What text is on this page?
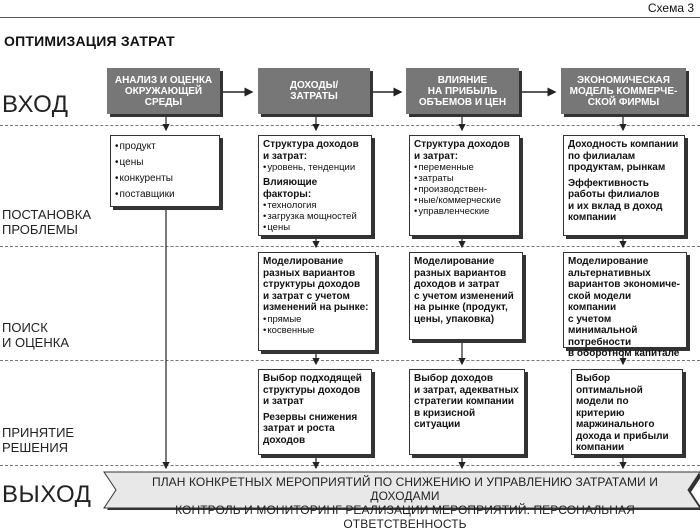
Схема 3
ОПТИМИЗАЦИЯ ЗАТРАТ
ВХОД
ПОСТАНОВКА
ПРОБЛЕМЫ
ПОИСК
И ОЦЕНКА
ПРИНЯТИЕ
РЕШЕНИЯ
ВЫХОД
АНАЛИЗ И ОЦЕНКА
ОКРУЖАЮЩЕЙ
СРЕДЫ
ДОХОДЫ/
ЗАТРАТЫ
ВЛИЯНИЕ
НА ПРИБЫЛЬ
ОБЪЕМОВ И ЦЕН
ЭКОНОМИЧЕСКАЯ
МОДЕЛЬ КОММЕРЧЕ-
СКОЙ ФИРМЫ
• продукт
• цены
• конкуренты
• поставщики
Структура доходов
и затрат:
• уровень, тенденции
Влияющие факторы:
• технология
• загрузка мощностей
• цены
Структура доходов
и затрат:
• переменные
• затраты
• производствен-
• ные/коммерческие
• управленческие
Доходность компании
по филиалам
продуктам, рынкам
Эффективность
работы филиалов
и их вклад в доход
компании
Моделирование
разных вариантов
структуры доходов
и затрат с учетом
изменений на рынке:
• прямые
• косвенные
Моделирование
разных вариантов
доходов и затрат
с учетом изменений
на рынке (продукт,
цены, упаковка)
Моделирование
альтернативных
вариантов экономиче-
ской модели компании
с учетом минимальной
потребности
в оборотном капитале
Выбор подходящей
структуры доходов
и затрат
Резервы снижения
затрат и роста
доходов
Выбор доходов
и затрат, адекватных
стратегии компании
в кризисной
ситуации
Выбор оптимальной
модели по критерию
маржинального
дохода и прибыли
компании
ПЛАН КОНКРЕТНЫХ МЕРОПРИЯТИЙ ПО СНИЖЕНИЮ И УПРАВЛЕНИЮ ЗАТРАТАМИ И ДОХОДАМИ
КОНТРОЛЬ И МОНИТОРИНГ РЕАЛИЗАЦИИ МЕРОПРИЯТИЙ. ПЕРСОНАЛЬНАЯ ОТВЕТСТВЕННОСТЬ
